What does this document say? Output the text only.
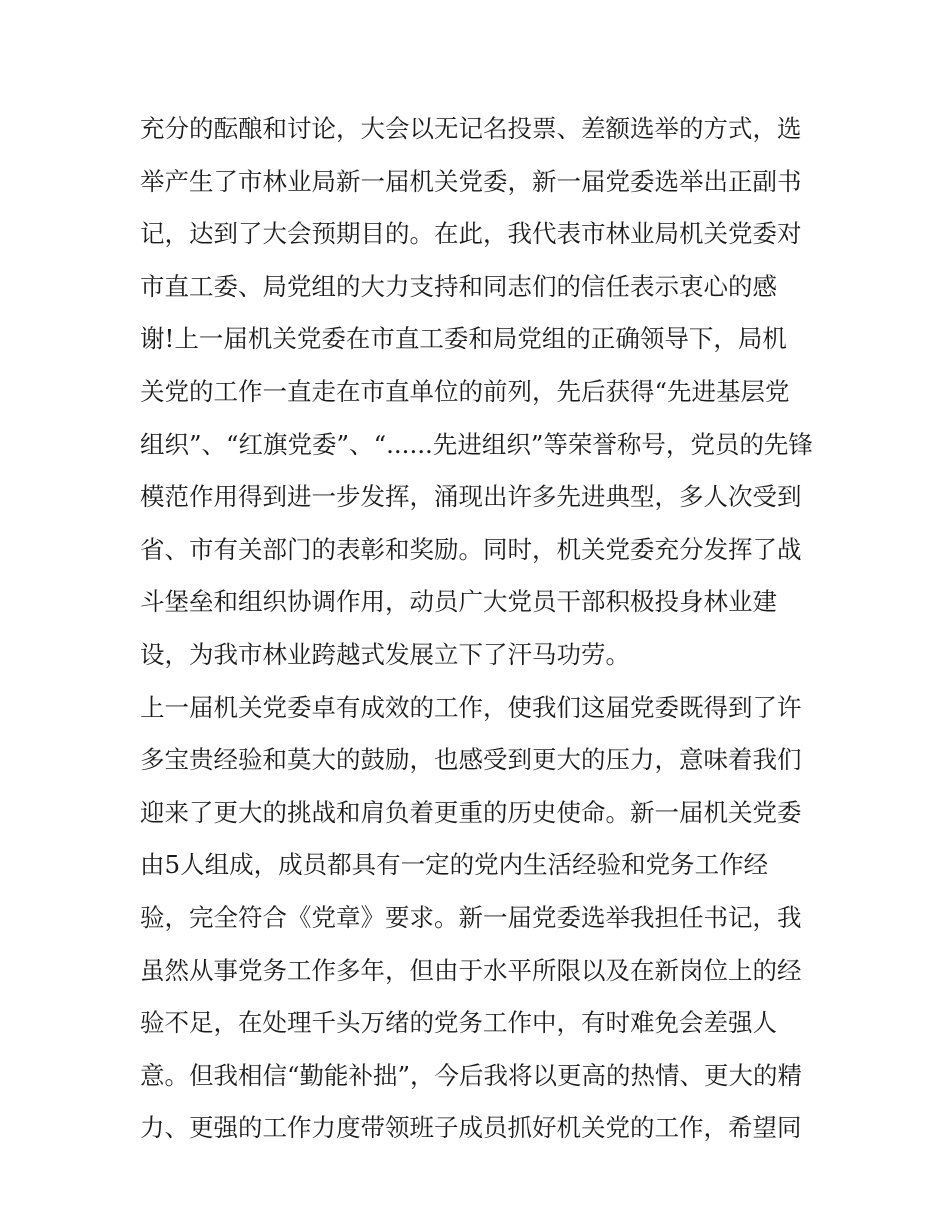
充分的酝酿和讨论，大会以无记名投票、差额选举的方式，选
举产生了市林业局新一届机关党委，新一届党委选举出正副书
记，达到了大会预期目的。在此，我代表市林业局机关党委对
市直工委、局党组的大力支持和同志们的信任表示衷心的感
谢!上一届机关党委在市直工委和局党组的正确领导下，局机
关党的工作一直走在市直单位的前列，先后获得“先进基层党
组织”、“红旗党委”、“......先进组织”等荣誉称号，党员的先锋
模范作用得到进一步发挥，涌现出许多先进典型，多人次受到
省、市有关部门的表彰和奖励。同时，机关党委充分发挥了战
斗堡垒和组织协调作用，动员广大党员干部积极投身林业建
设，为我市林业跨越式发展立下了汗马功劳。
上一届机关党委卓有成效的工作，使我们这届党委既得到了许
多宝贵经验和莫大的鼓励，也感受到更大的压力，意味着我们
迎来了更大的挑战和肩负着更重的历史使命。新一届机关党委
由5人组成，成员都具有一定的党内生活经验和党务工作经
验，完全符合《党章》要求。新一届党委选举我担任书记，我
虽然从事党务工作多年，但由于水平所限以及在新岗位上的经
验不足，在处理千头万绪的党务工作中，有时难免会差强人
意。但我相信“勤能补拙”，今后我将以更高的热情、更大的精
力、更强的工作力度带领班子成员抓好机关党的工作，希望同
